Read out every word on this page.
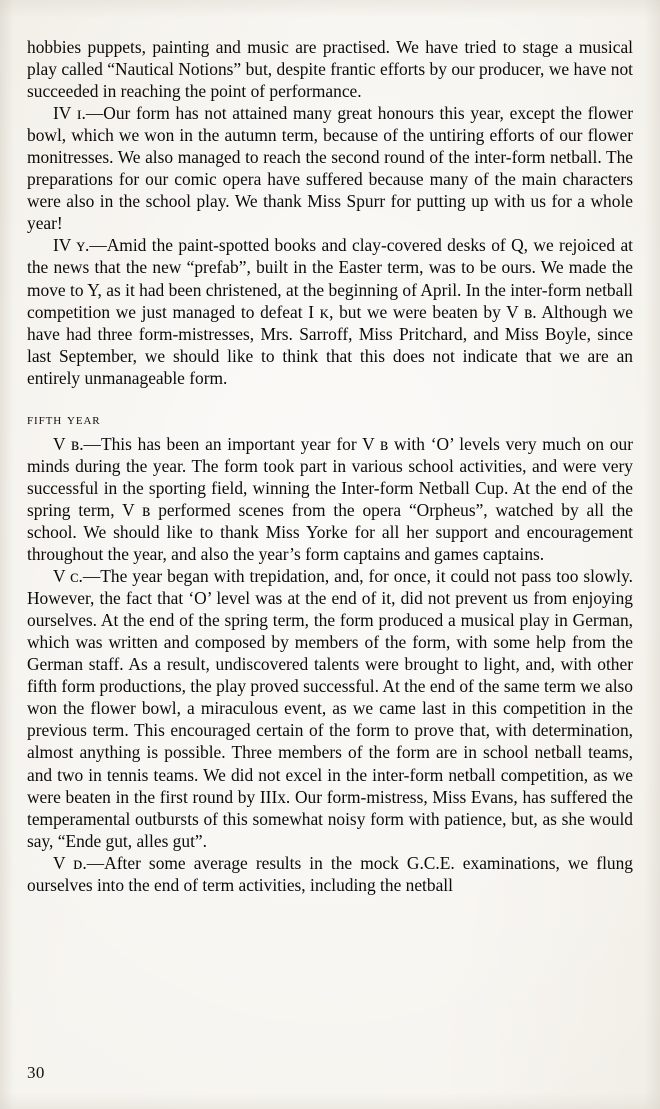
hobbies puppets, painting and music are practised. We have tried to stage a musical play called “Nautical Notions” but, despite frantic efforts by our producer, we have not succeeded in reaching the point of performance.

IV ɪ.—Our form has not attained many great honours this year, except the flower bowl, which we won in the autumn term, because of the untiring efforts of our flower monitresses. We also managed to reach the second round of the inter-form netball. The preparations for our comic opera have suffered because many of the main characters were also in the school play. We thank Miss Spurr for putting up with us for a whole year!

IV ʏ.—Amid the paint-spotted books and clay-covered desks of Q, we rejoiced at the news that the new “prefab”, built in the Easter term, was to be ours. We made the move to Y, as it had been christened, at the beginning of April. In the inter-form netball competition we just managed to defeat I ᴋ, but we were beaten by V ʙ. Although we have had three form-mistresses, Mrs. Sarroff, Miss Pritchard, and Miss Boyle, since last September, we should like to think that this does not indicate that we are an entirely unmanageable form.

fifth year

V ʙ.—This has been an important year for V ʙ with ‘O’ levels very much on our minds during the year. The form took part in various school activities, and were very successful in the sporting field, winning the Inter-form Netball Cup. At the end of the spring term, V ʙ performed scenes from the opera “Orpheus”, watched by all the school. We should like to thank Miss Yorke for all her support and encouragement throughout the year, and also the year’s form captains and games captains.

V ᴄ.—The year began with trepidation, and, for once, it could not pass too slowly. However, the fact that ‘O’ level was at the end of it, did not prevent us from enjoying ourselves. At the end of the spring term, the form produced a musical play in German, which was written and composed by members of the form, with some help from the German staff. As a result, undiscovered talents were brought to light, and, with other fifth form productions, the play proved successful. At the end of the same term we also won the flower bowl, a miraculous event, as we came last in this competition in the previous term. This encouraged certain of the form to prove that, with determination, almost anything is possible. Three members of the form are in school netball teams, and two in tennis teams. We did not excel in the inter-form netball competition, as we were beaten in the first round by IIIx. Our form-mistress, Miss Evans, has suffered the temperamental outbursts of this somewhat noisy form with patience, but, as she would say, “Ende gut, alles gut”.

V ᴅ.—After some average results in the mock G.C.E. examinations, we flung ourselves into the end of term activities, including the netball

30
